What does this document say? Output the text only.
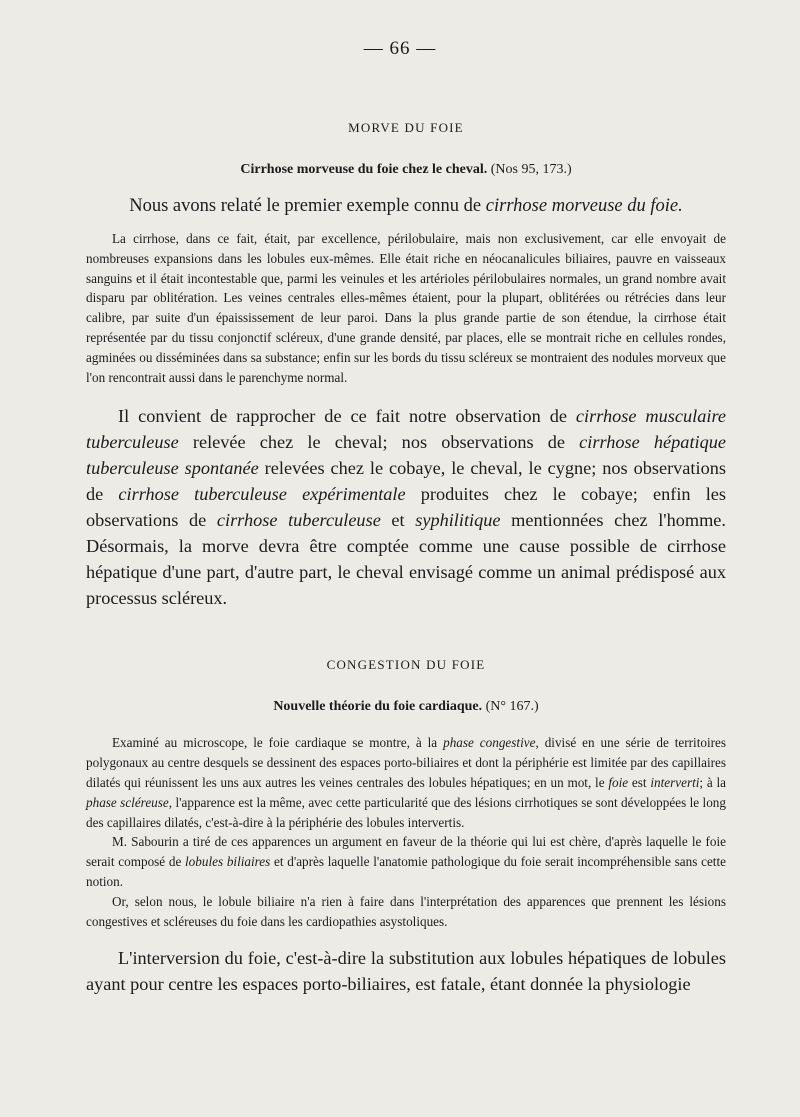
— 66 —
MORVE DU FOIE
Cirrhose morveuse du foie chez le cheval. (Nos 95, 173.)

Nous avons relaté le premier exemple connu de cirrhose morveuse du foie.

La cirrhose, dans ce fait, était, par excellence, périlobulaire, mais non exclusivement, car elle envoyait de nombreuses expansions dans les lobules eux-mêmes. Elle était riche en néocanalicules biliaires, pauvre en vaisseaux sanguins et il était incontestable que, parmi les veinules et les artérioles périlobulaires normales, un grand nombre avait disparu par oblitération. Les veines centrales elles-mêmes étaient, pour la plupart, oblitérées ou rétrécies dans leur calibre, par suite d'un épaississement de leur paroi. Dans la plus grande partie de son étendue, la cirrhose était représentée par du tissu conjonctif scléreux, d'une grande densité, par places, elle se montrait riche en cellules rondes, agminées ou disséminées dans sa substance; enfin sur les bords du tissu scléreux se montraient des nodules morveux que l'on rencontrait aussi dans le parenchyme normal.

Il convient de rapprocher de ce fait notre observation de cirrhose musculaire tuberculeuse relevée chez le cheval; nos observations de cirrhose hépatique tuberculeuse spontanée relevées chez le cobaye, le cheval, le cygne; nos observations de cirrhose tuberculeuse expérimentale produites chez le cobaye; enfin les observations de cirrhose tuberculeuse et syphilitique mentionnées chez l'homme. Désormais, la morve devra être comptée comme une cause possible de cirrhose hépatique d'une part, d'autre part, le cheval envisagé comme un animal prédisposé aux processus scléreux.

CONGESTION DU FOIE
Nouvelle théorie du foie cardiaque. (N° 167.)

Examiné au microscope, le foie cardiaque se montre, à la phase congestive, divisé en une série de territoires polygonaux au centre desquels se dessinent des espaces porto-biliaires et dont la périphérie est limitée par des capillaires dilatés qui réunissent les uns aux autres les veines centrales des lobules hépatiques; en un mot, le foie est interverti; à la phase scléreuse, l'apparence est la même, avec cette particularité que des lésions cirrhotiques se sont développées le long des capillaires dilatés, c'est-à-dire à la périphérie des lobules intervertis.

M. Sabourin a tiré de ces apparences un argument en faveur de la théorie qui lui est chère, d'après laquelle le foie serait composé de lobules biliaires et d'après laquelle l'anatomie pathologique du foie serait incompréhensible sans cette notion.

Or, selon nous, le lobule biliaire n'a rien à faire dans l'interprétation des apparences que prennent les lésions congestives et scléreuses du foie dans les cardiopathies asystoliques.

L'interversion du foie, c'est-à-dire la substitution aux lobules hépatiques de lobules ayant pour centre les espaces porto-biliaires, est fatale, étant donnée la physiologie
